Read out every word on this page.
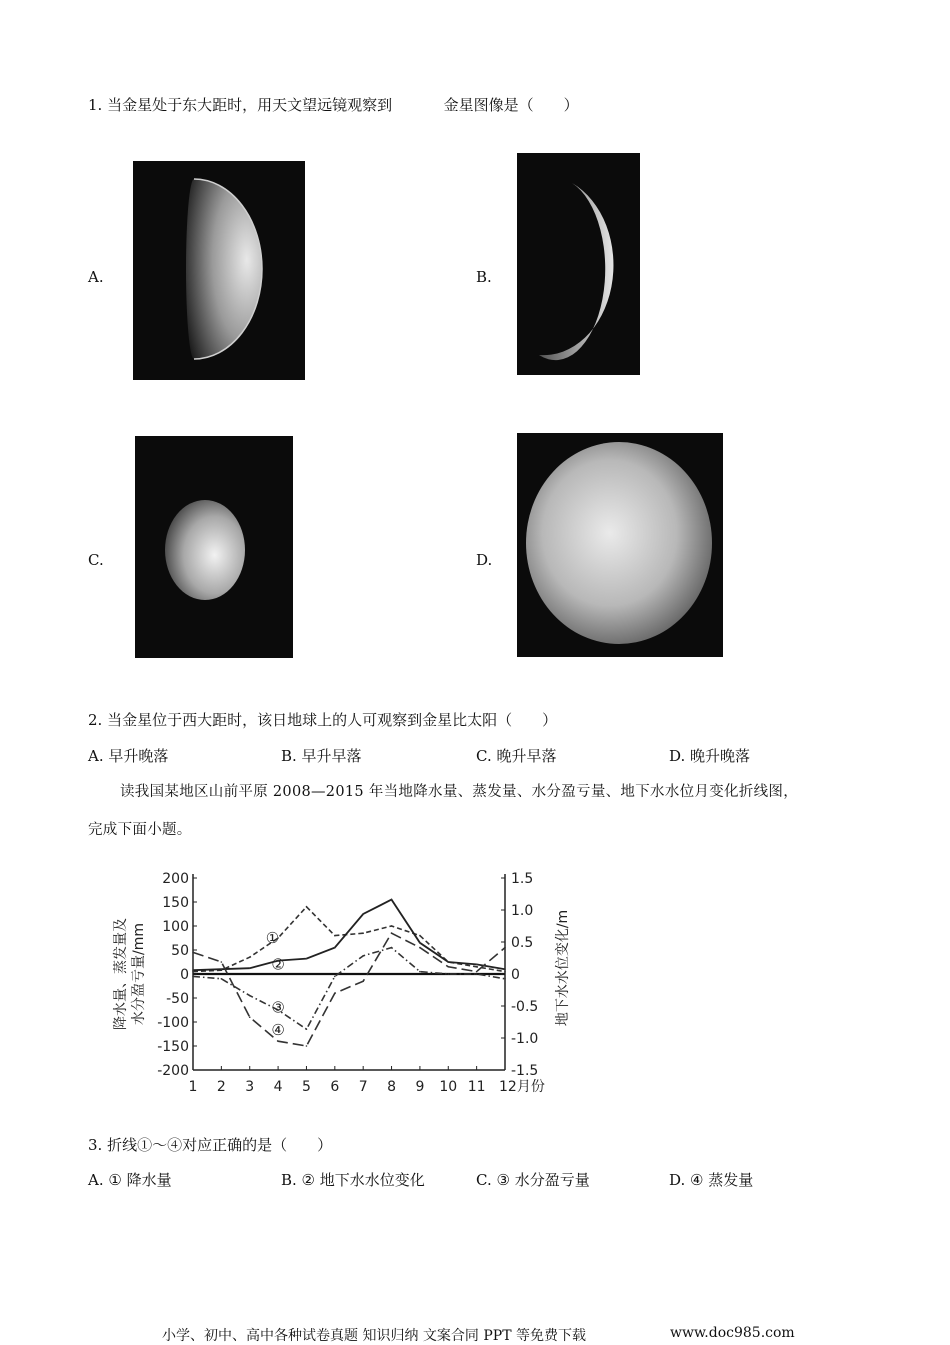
1. 当金星处于东大距时，用天文望远镜观察到	金星图像是（　　）
A.	B.
C.	D.
2. 当金星位于西大距时，该日地球上的人可观察到金星比太阳（　　）
A. 早升晚落	B. 早升早落	C. 晚升早落	D. 晚升晚落
读我国某地区山前平原 2008—2015 年当地降水量、蒸发量、水分盈亏量、地下水水位月变化折线图，
完成下面小题。
200
150
100
50
0
-50
-100
-150
-200
1.5
1.0
0.5
0
-0.5
-1.0
-1.5
1 2 3 4 5 6 7 8 9 10 11 12月份
降水量、蒸发量及 水分盈亏量/mm	地下水水位变化/m
①
②
③
④
3. 折线①～④对应正确的是（　　）
A. ① 降水量	B. ② 地下水水位变化	C. ③ 水分盈亏量	D. ④ 蒸发量
小学、初中、高中各种试卷真题 知识归纳 文案合同 PPT 等免费下载	www.doc985.com
